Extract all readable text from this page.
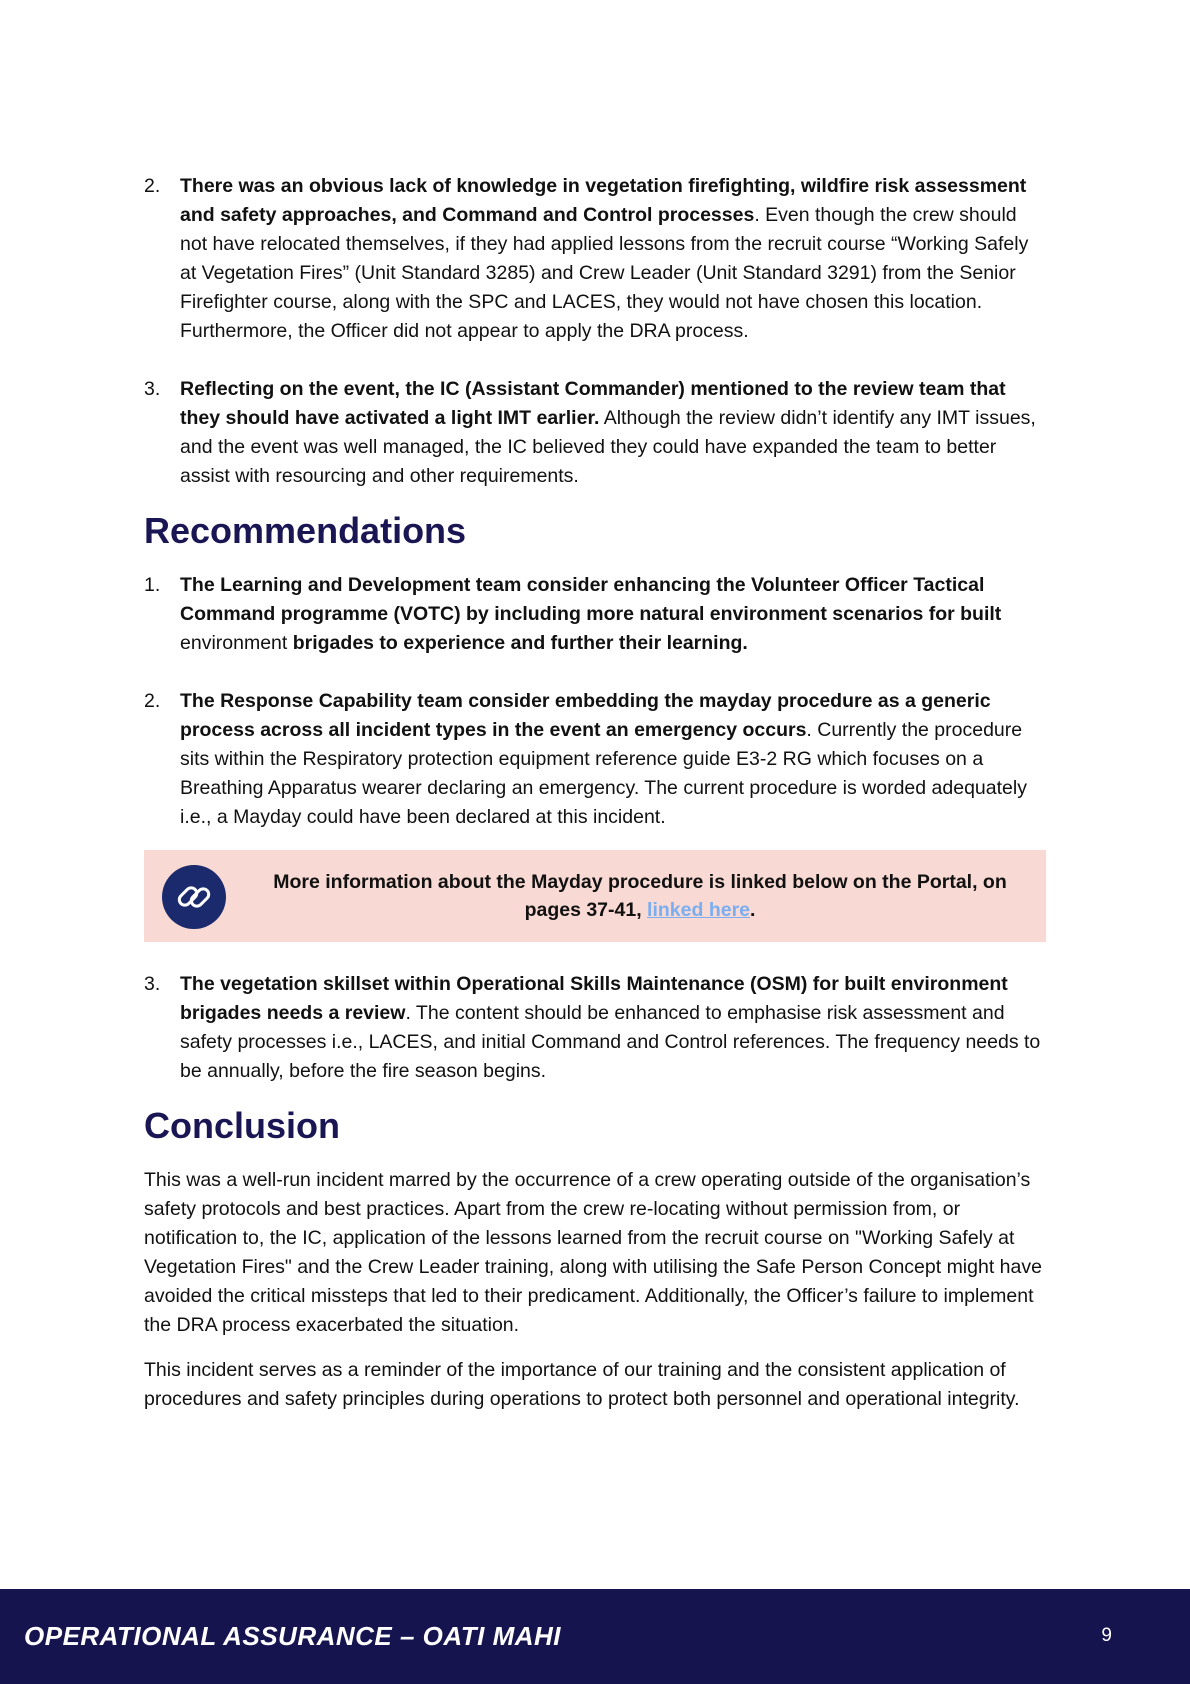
2. There was an obvious lack of knowledge in vegetation firefighting, wildfire risk assessment and safety approaches, and Command and Control processes. Even though the crew should not have relocated themselves, if they had applied lessons from the recruit course “Working Safely at Vegetation Fires” (Unit Standard 3285) and Crew Leader (Unit Standard 3291) from the Senior Firefighter course, along with the SPC and LACES, they would not have chosen this location. Furthermore, the Officer did not appear to apply the DRA process.
3. Reflecting on the event, the IC (Assistant Commander) mentioned to the review team that they should have activated a light IMT earlier. Although the review didn’t identify any IMT issues, and the event was well managed, the IC believed they could have expanded the team to better assist with resourcing and other requirements.
Recommendations
1. The Learning and Development team consider enhancing the Volunteer Officer Tactical Command programme (VOTC) by including more natural environment scenarios for built environment brigades to experience and further their learning.
2. The Response Capability team consider embedding the mayday procedure as a generic process across all incident types in the event an emergency occurs. Currently the procedure sits within the Respiratory protection equipment reference guide E3-2 RG which focuses on a Breathing Apparatus wearer declaring an emergency. The current procedure is worded adequately i.e., a Mayday could have been declared at this incident.
More information about the Mayday procedure is linked below on the Portal, on pages 37-41, linked here.
3. The vegetation skillset within Operational Skills Maintenance (OSM) for built environment brigades needs a review. The content should be enhanced to emphasise risk assessment and safety processes i.e., LACES, and initial Command and Control references. The frequency needs to be annually, before the fire season begins.
Conclusion

This was a well-run incident marred by the occurrence of a crew operating outside of the organisation’s safety protocols and best practices. Apart from the crew re-locating without permission from, or notification to, the IC, application of the lessons learned from the recruit course on "Working Safely at Vegetation Fires" and the Crew Leader training, along with utilising the Safe Person Concept might have avoided the critical missteps that led to their predicament. Additionally, the Officer’s failure to implement the DRA process exacerbated the situation.

This incident serves as a reminder of the importance of our training and the consistent application of procedures and safety principles during operations to protect both personnel and operational integrity.

OPERATIONAL ASSURANCE – OATI MAHI	9
